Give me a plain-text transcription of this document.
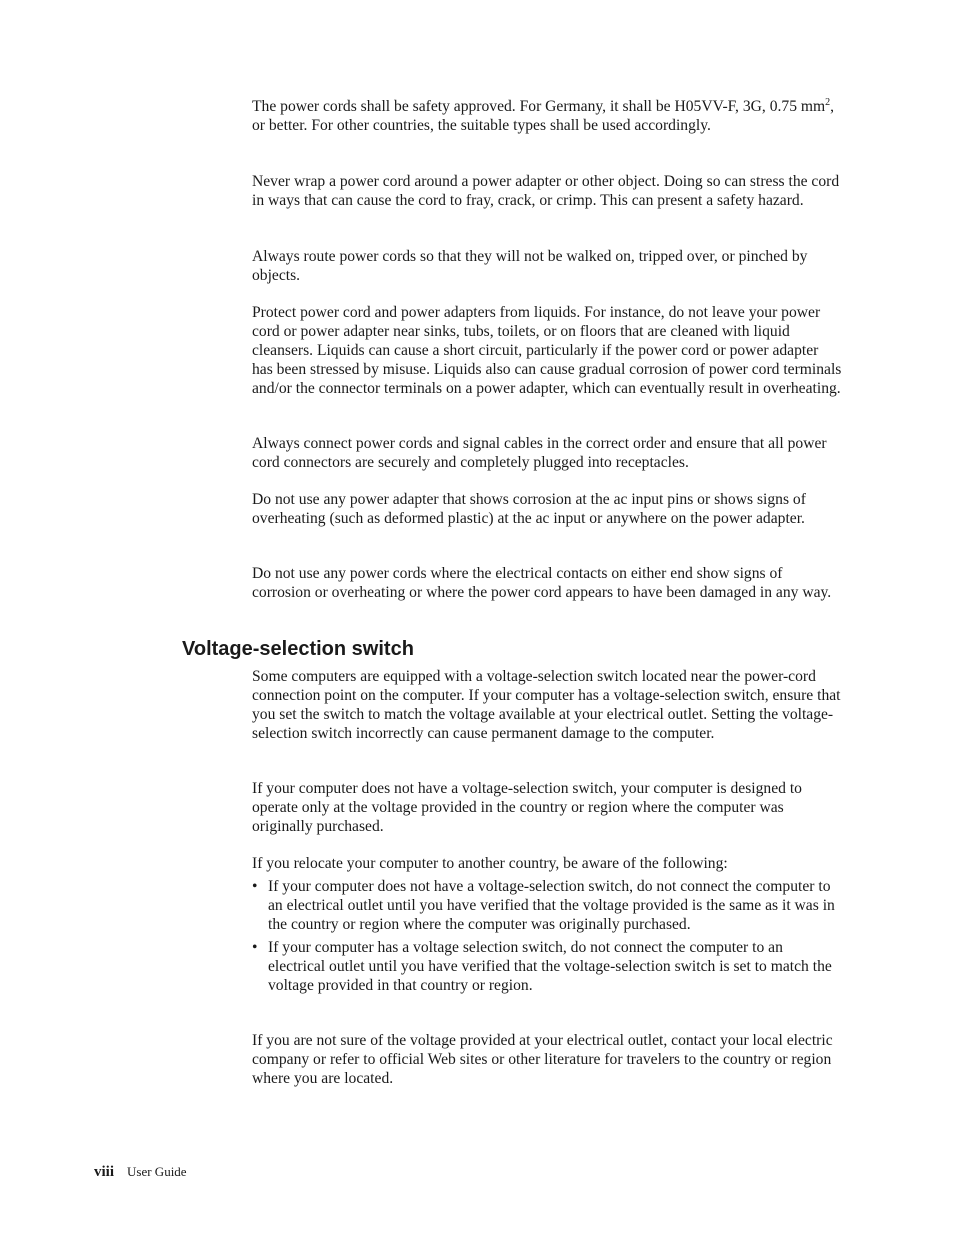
The power cords shall be safety approved. For Germany, it shall be H05VV-F, 3G, 0.75 $mm^2$, or better. For other countries, the suitable types shall be used accordingly.

Never wrap a power cord around a power adapter or other object. Doing so can stress the cord in ways that can cause the cord to fray, crack, or crimp. This can present a safety hazard.

Always route power cords so that they will not be walked on, tripped over, or pinched by objects.

Protect power cord and power adapters from liquids. For instance, do not leave your power cord or power adapter near sinks, tubs, toilets, or on floors that are cleaned with liquid cleansers. Liquids can cause a short circuit, particularly if the power cord or power adapter has been stressed by misuse. Liquids also can cause gradual corrosion of power cord terminals and/or the connector terminals on a power adapter, which can eventually result in overheating.

Always connect power cords and signal cables in the correct order and ensure that all power cord connectors are securely and completely plugged into receptacles.

Do not use any power adapter that shows corrosion at the ac input pins or shows signs of overheating (such as deformed plastic) at the ac input or anywhere on the power adapter.

Do not use any power cords where the electrical contacts on either end show signs of corrosion or overheating or where the power cord appears to have been damaged in any way.

Voltage-selection switch

Some computers are equipped with a voltage-selection switch located near the power-cord connection point on the computer. If your computer has a voltage-selection switch, ensure that you set the switch to match the voltage available at your electrical outlet. Setting the voltage-selection switch incorrectly can cause permanent damage to the computer.

If your computer does not have a voltage-selection switch, your computer is designed to operate only at the voltage provided in the country or region where the computer was originally purchased.

If you relocate your computer to another country, be aware of the following:

• If your computer does not have a voltage-selection switch, do not connect the computer to an electrical outlet until you have verified that the voltage provided is the same as it was in the country or region where the computer was originally purchased.
• If your computer has a voltage selection switch, do not connect the computer to an electrical outlet until you have verified that the voltage-selection switch is set to match the voltage provided in that country or region.

If you are not sure of the voltage provided at your electrical outlet, contact your local electric company or refer to official Web sites or other literature for travelers to the country or region where you are located.

viii User Guide
